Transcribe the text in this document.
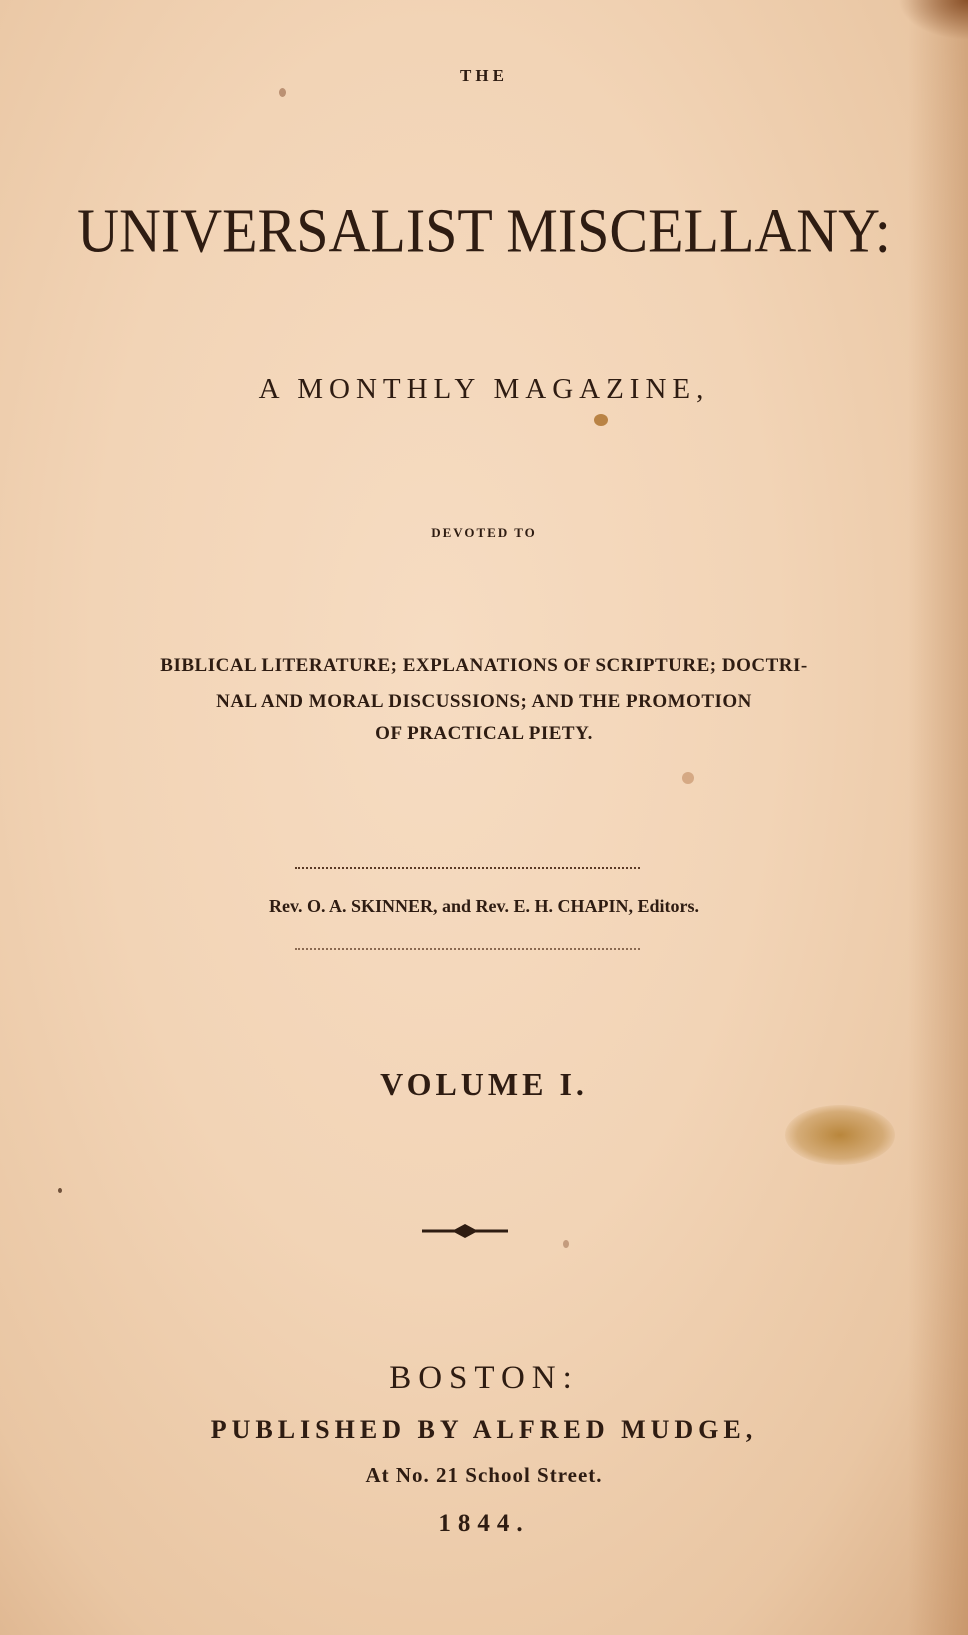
THE
UNIVERSALIST MISCELLANY:
A MONTHLY MAGAZINE,
DEVOTED TO
BIBLICAL LITERATURE; EXPLANATIONS OF SCRIPTURE; DOCTRI-
NAL AND MORAL DISCUSSIONS; AND THE PROMOTION
OF PRACTICAL PIETY.
Rev. O. A. SKINNER, and Rev. E. H. CHAPIN, Editors.
VOLUME I.
BOSTON:
PUBLISHED BY ALFRED MUDGE,
At No. 21 School Street.
1844.
